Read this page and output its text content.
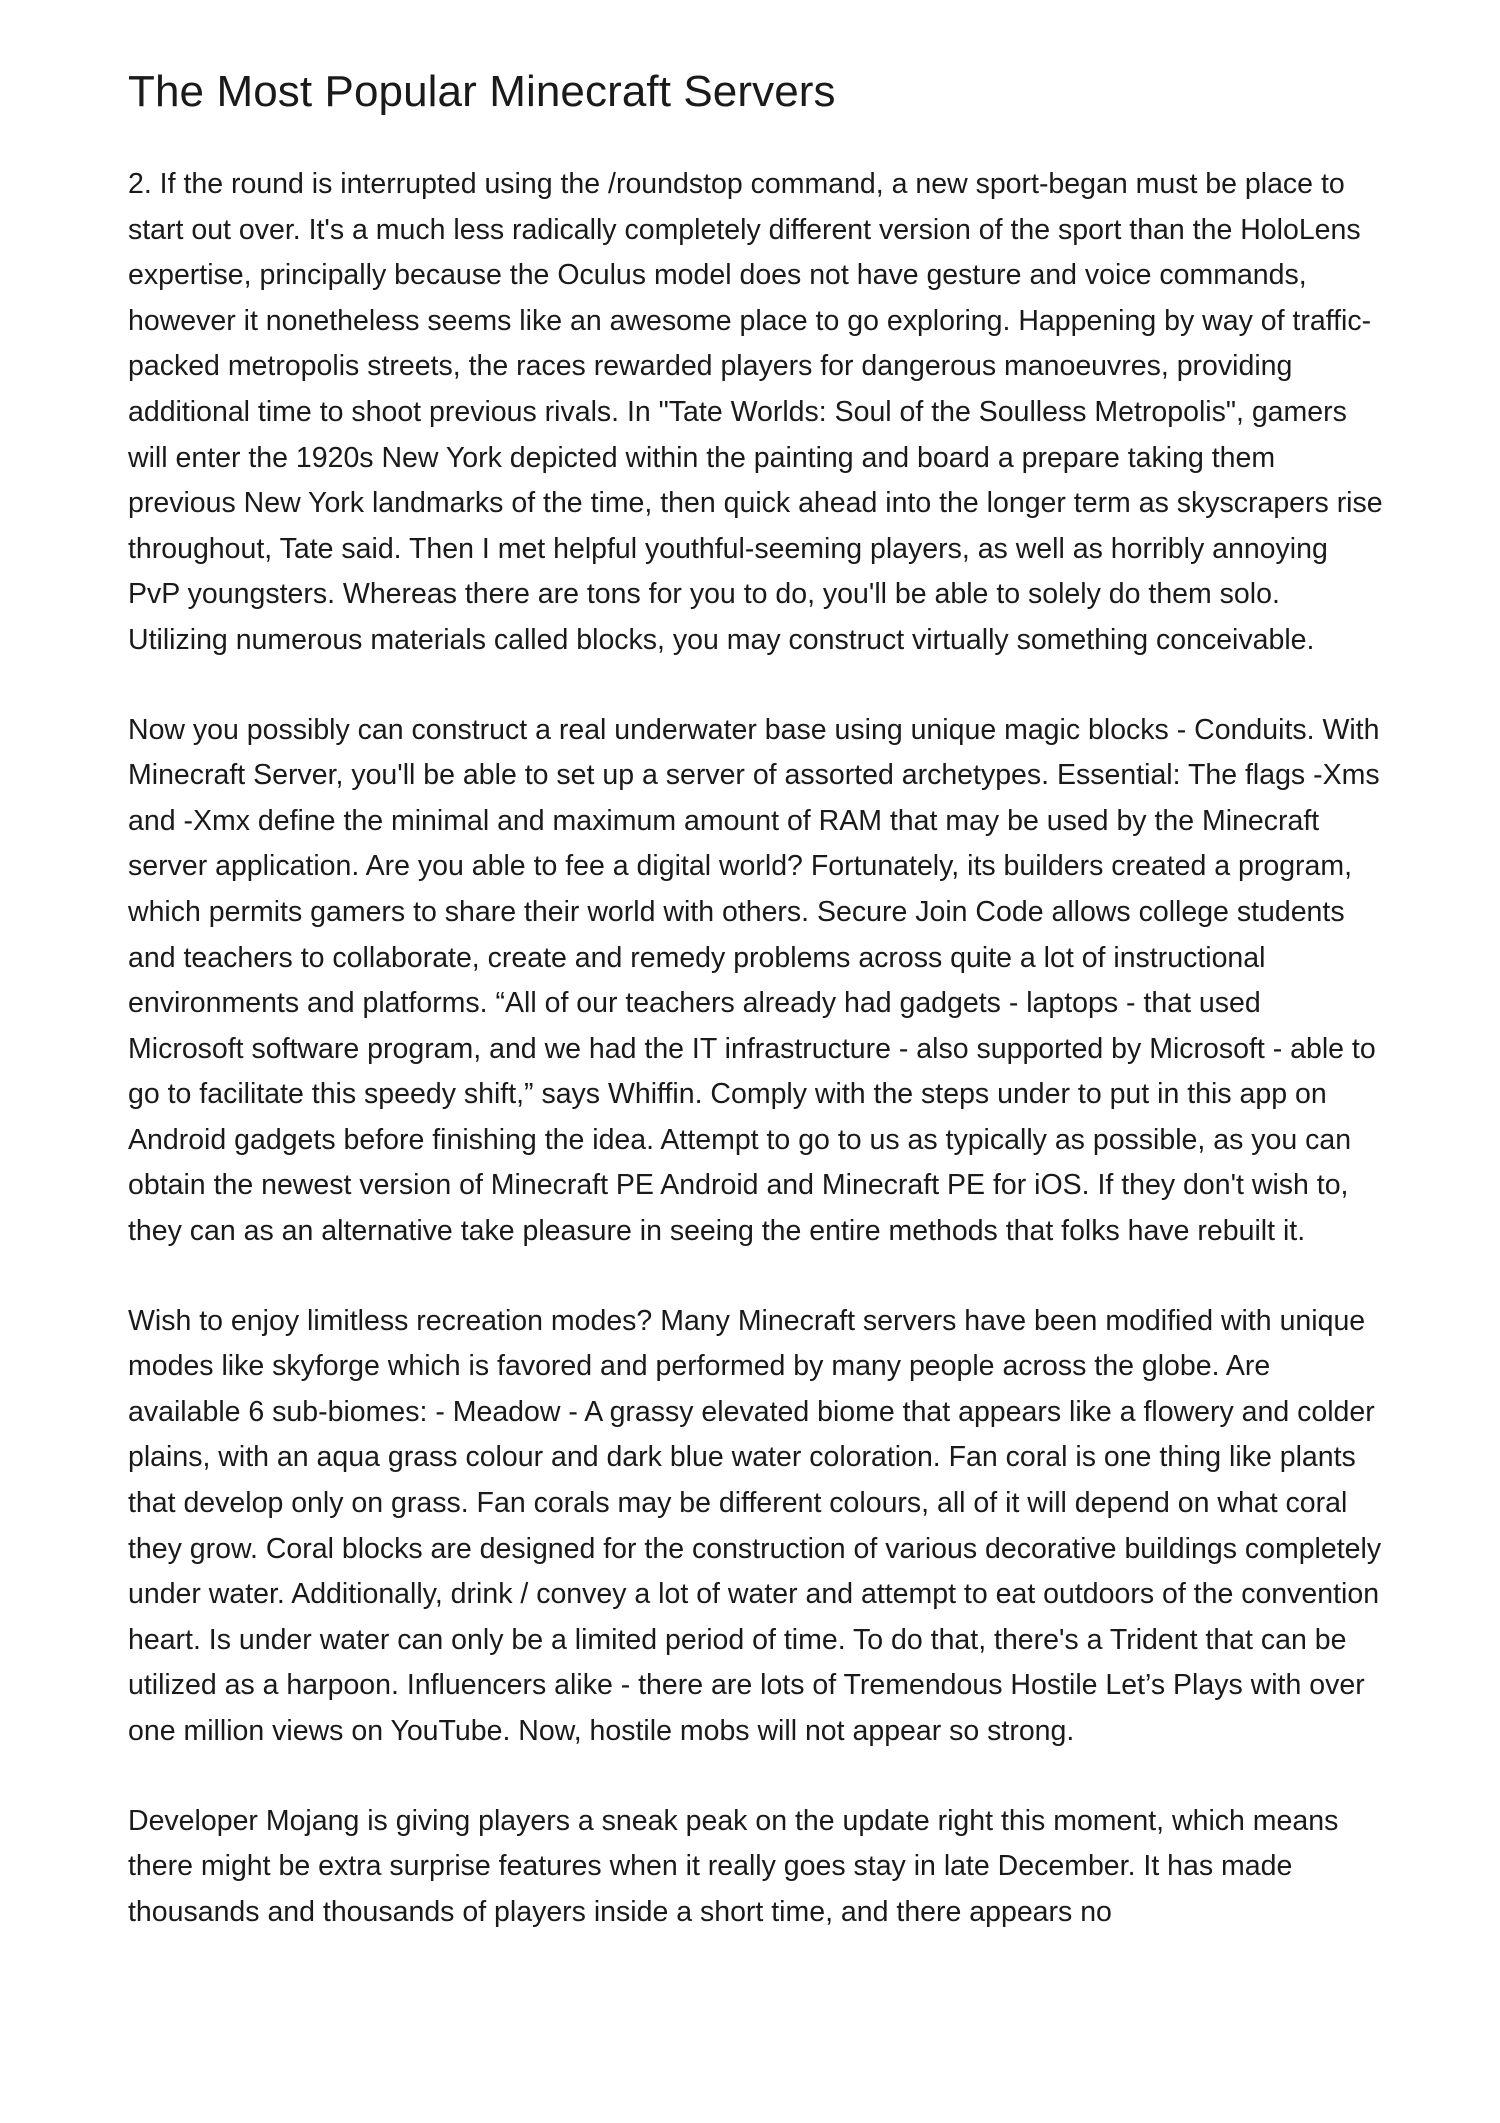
The Most Popular Minecraft Servers

2. If the round is interrupted using the /roundstop command, a new sport-began must be place to start out over. It's a much less radically completely different version of the sport than the HoloLens expertise, principally because the Oculus model does not have gesture and voice commands, however it nonetheless seems like an awesome place to go exploring. Happening by way of traffic-packed metropolis streets, the races rewarded players for dangerous manoeuvres, providing additional time to shoot previous rivals. In "Tate Worlds: Soul of the Soulless Metropolis", gamers will enter the 1920s New York depicted within the painting and board a prepare taking them previous New York landmarks of the time, then quick ahead into the longer term as skyscrapers rise throughout, Tate said. Then I met helpful youthful-seeming players, as well as horribly annoying PvP youngsters. Whereas there are tons for you to do, you'll be able to solely do them solo. Utilizing numerous materials called blocks, you may construct virtually something conceivable.

Now you possibly can construct a real underwater base using unique magic blocks - Conduits. With Minecraft Server, you'll be able to set up a server of assorted archetypes. Essential: The flags -Xms and -Xmx define the minimal and maximum amount of RAM that may be used by the Minecraft server application. Are you able to fee a digital world? Fortunately, its builders created a program, which permits gamers to share their world with others. Secure Join Code allows college students and teachers to collaborate, create and remedy problems across quite a lot of instructional environments and platforms. “All of our teachers already had gadgets - laptops - that used Microsoft software program, and we had the IT infrastructure - also supported by Microsoft - able to go to facilitate this speedy shift,” says Whiffin. Comply with the steps under to put in this app on Android gadgets before finishing the idea. Attempt to go to us as typically as possible, as you can obtain the newest version of Minecraft PE Android and Minecraft PE for iOS. If they don't wish to, they can as an alternative take pleasure in seeing the entire methods that folks have rebuilt it.

Wish to enjoy limitless recreation modes? Many Minecraft servers have been modified with unique modes like skyforge which is favored and performed by many people across the globe. Are available 6 sub-biomes: - Meadow - A grassy elevated biome that appears like a flowery and colder plains, with an aqua grass colour and dark blue water coloration. Fan coral is one thing like plants that develop only on grass. Fan corals may be different colours, all of it will depend on what coral they grow. Coral blocks are designed for the construction of various decorative buildings completely under water. Additionally, drink / convey a lot of water and attempt to eat outdoors of the convention heart. Is under water can only be a limited period of time. To do that, there's a Trident that can be utilized as a harpoon. Influencers alike - there are lots of Tremendous Hostile Let’s Plays with over one million views on YouTube. Now, hostile mobs will not appear so strong.

Developer Mojang is giving players a sneak peak on the update right this moment, which means there might be extra surprise features when it really goes stay in late December. It has made thousands and thousands of players inside a short time, and there appears no
